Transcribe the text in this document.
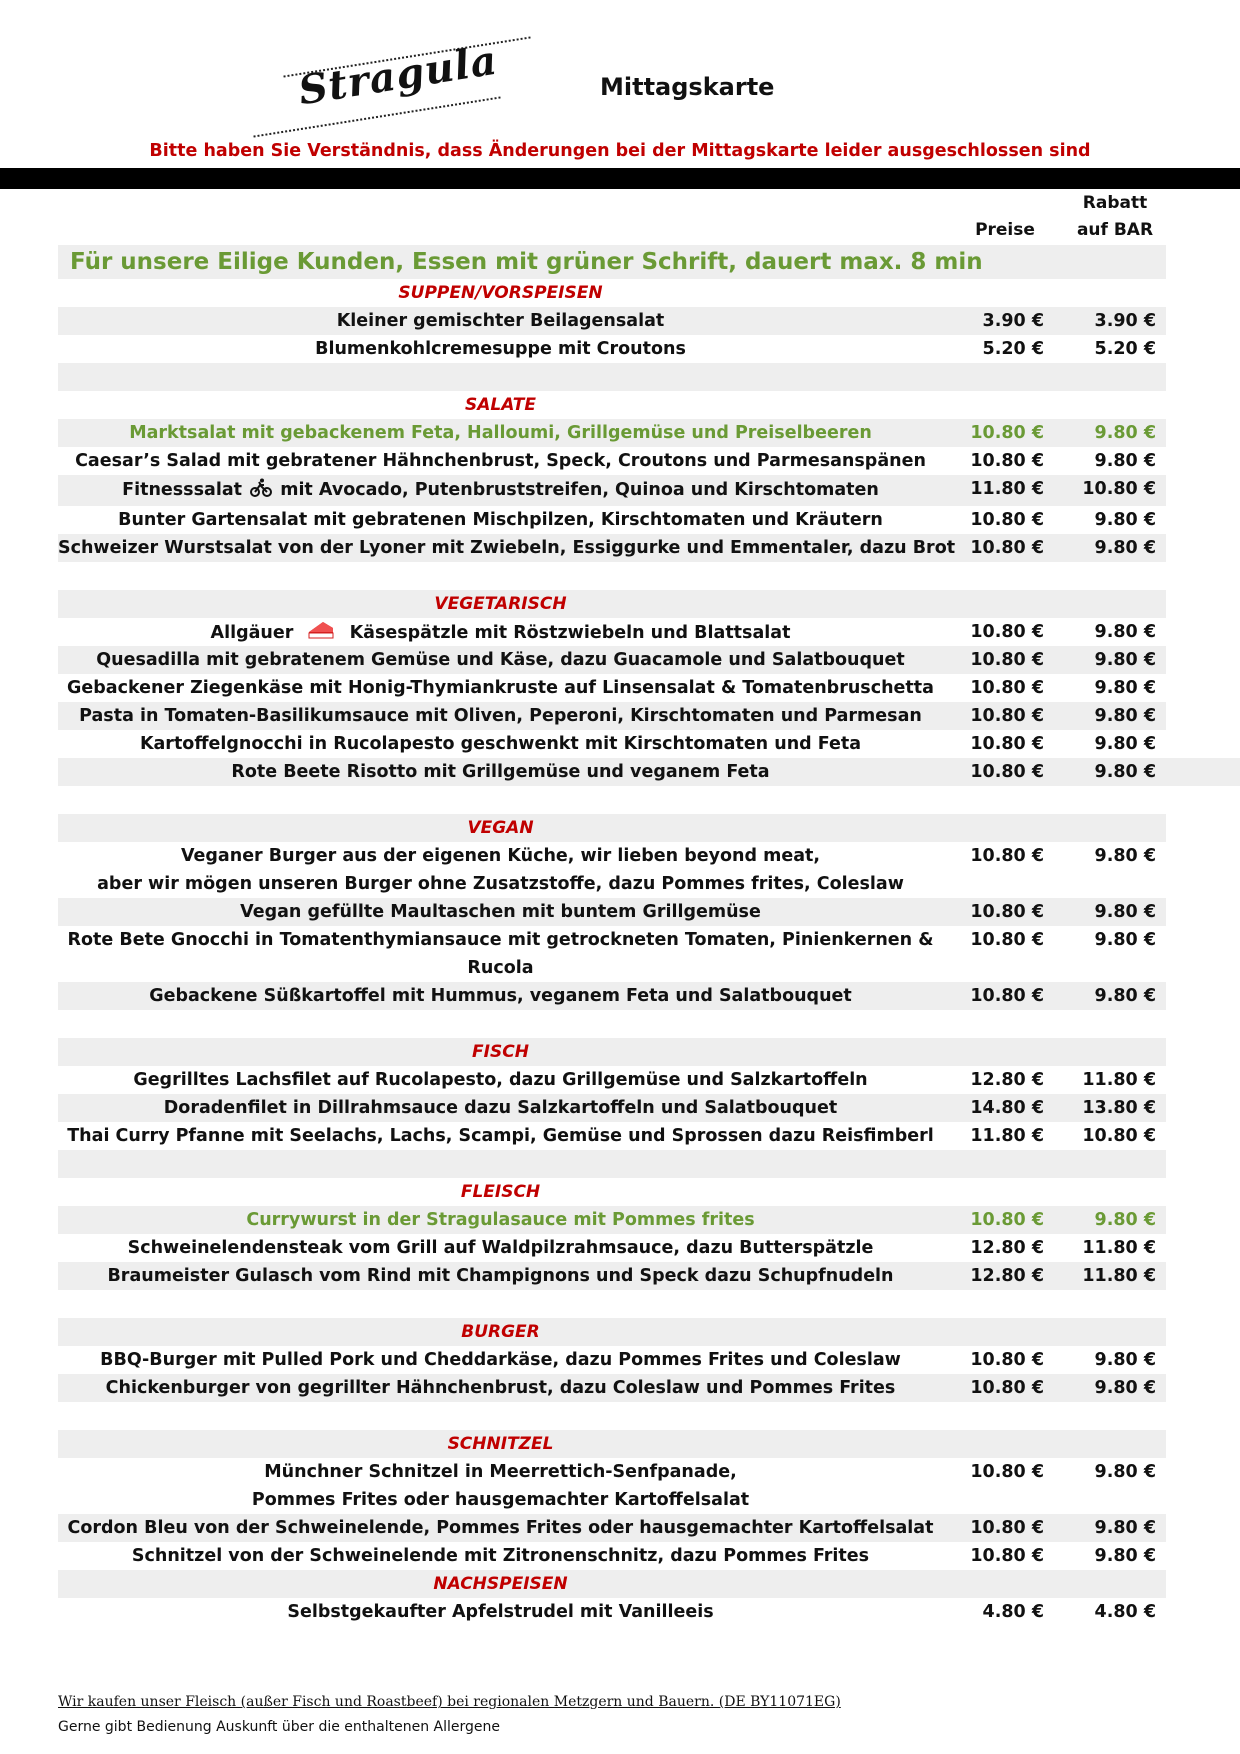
Stragula	Mittagskarte
Bitte haben Sie Verständnis, dass Änderungen bei der Mittagskarte leider ausgeschlossen sind
Rabatt
auf BAR
Preise
Für unsere Eilige Kunden, Essen mit grüner Schrift, dauert max. 8 min
SUPPEN/VORSPEISEN
Kleiner gemischter Beilagensalat	3.90 €	3.90 €
Blumenkohlcremesuppe mit Croutons	5.20 €	5.20 €
SALATE
Marktsalat mit gebackenem Feta, Halloumi, Grillgemüse und Preiselbeeren	10.80 €	9.80 €
Caesar’s Salad mit gebratener Hähnchenbrust, Speck, Croutons und Parmesanspänen	10.80 €	9.80 €
Fitnesssalat mit Avocado, Putenbruststreifen, Quinoa und Kirschtomaten	11.80 €	10.80 €
Bunter Gartensalat mit gebratenen Mischpilzen, Kirschtomaten und Kräutern	10.80 €	9.80 €
Schweizer Wurstsalat von der Lyoner mit Zwiebeln, Essiggurke und Emmentaler, dazu Brot 10.80 €	9.80 €
VEGETARISCH
Allgäuer	Käsespätzle mit Röstzwiebeln und Blattsalat	10.80 €	9.80 €
Quesadilla mit gebratenem Gemüse und Käse, dazu Guacamole und Salatbouquet	10.80 €	9.80 €
Gebackener Ziegenkäse mit Honig-Thymiankruste auf Linsensalat & Tomatenbruschetta	10.80 €	9.80 €
Pasta in Tomaten-Basilikumsauce mit Oliven, Peperoni, Kirschtomaten und Parmesan	10.80 €	9.80 €
Kartoffelgnocchi in Rucolapesto geschwenkt mit Kirschtomaten und Feta	10.80 €	9.80 €
Rote Beete Risotto mit Grillgemüse und veganem Feta	10.80 €	9.80 €
VEGAN
Veganer Burger aus der eigenen Küche, wir lieben beyond meat,
aber wir mögen unseren Burger ohne Zusatzstoffe, dazu Pommes frites, Coleslaw
10.80 €	9.80 €
Vegan gefüllte Maultaschen mit buntem Grillgemüse	10.80 €	9.80 €
Rote Bete Gnocchi in Tomatenthymiansauce mit getrockneten Tomaten, Pinienkernen &
Rucola
10.80 €	9.80 €
Gebackene Süßkartoffel mit Hummus, veganem Feta und Salatbouquet	10.80 €	9.80 €
FISCH
Gegrilltes Lachsfilet auf Rucolapesto, dazu Grillgemüse und Salzkartoffeln	12.80 €	11.80 €
Doradenfilet in Dillrahmsauce dazu Salzkartoffeln und Salatbouquet	14.80 €	13.80 €
Thai Curry Pfanne mit Seelachs, Lachs, Scampi, Gemüse und Sprossen dazu Reisfimberl	11.80 €	10.80 €
FLEISCH
Currywurst in der Stragulasauce mit Pommes frites	10.80 €	9.80 €
Schweinelendensteak vom Grill auf Waldpilzrahmsauce, dazu Butterspätzle	12.80 €	11.80 €
Braumeister Gulasch vom Rind mit Champignons und Speck dazu Schupfnudeln	12.80 €	11.80 €
BURGER
BBQ-Burger mit Pulled Pork und Cheddarkäse, dazu Pommes Frites und Coleslaw	10.80 €	9.80 €
Chickenburger von gegrillter Hähnchenbrust, dazu Coleslaw und Pommes Frites	10.80 €	9.80 €
SCHNITZEL
Münchner Schnitzel in Meerrettich-Senfpanade,
Pommes Frites oder hausgemachter Kartoffelsalat
10.80 €	9.80 €
Cordon Bleu von der Schweinelende, Pommes Frites oder hausgemachter Kartoffelsalat	10.80 €	9.80 €
Schnitzel von der Schweinelende mit Zitronenschnitz, dazu Pommes Frites	10.80 €	9.80 €
NACHSPEISEN
Selbstgekaufter Apfelstrudel mit Vanilleeis	4.80 €	4.80 €
Wir kaufen unser Fleisch (außer Fisch und Roastbeef) bei regionalen Metzgern und Bauern. (DE BY11071EG)
Gerne gibt Bedienung Auskunft über die enthaltenen Allergene
